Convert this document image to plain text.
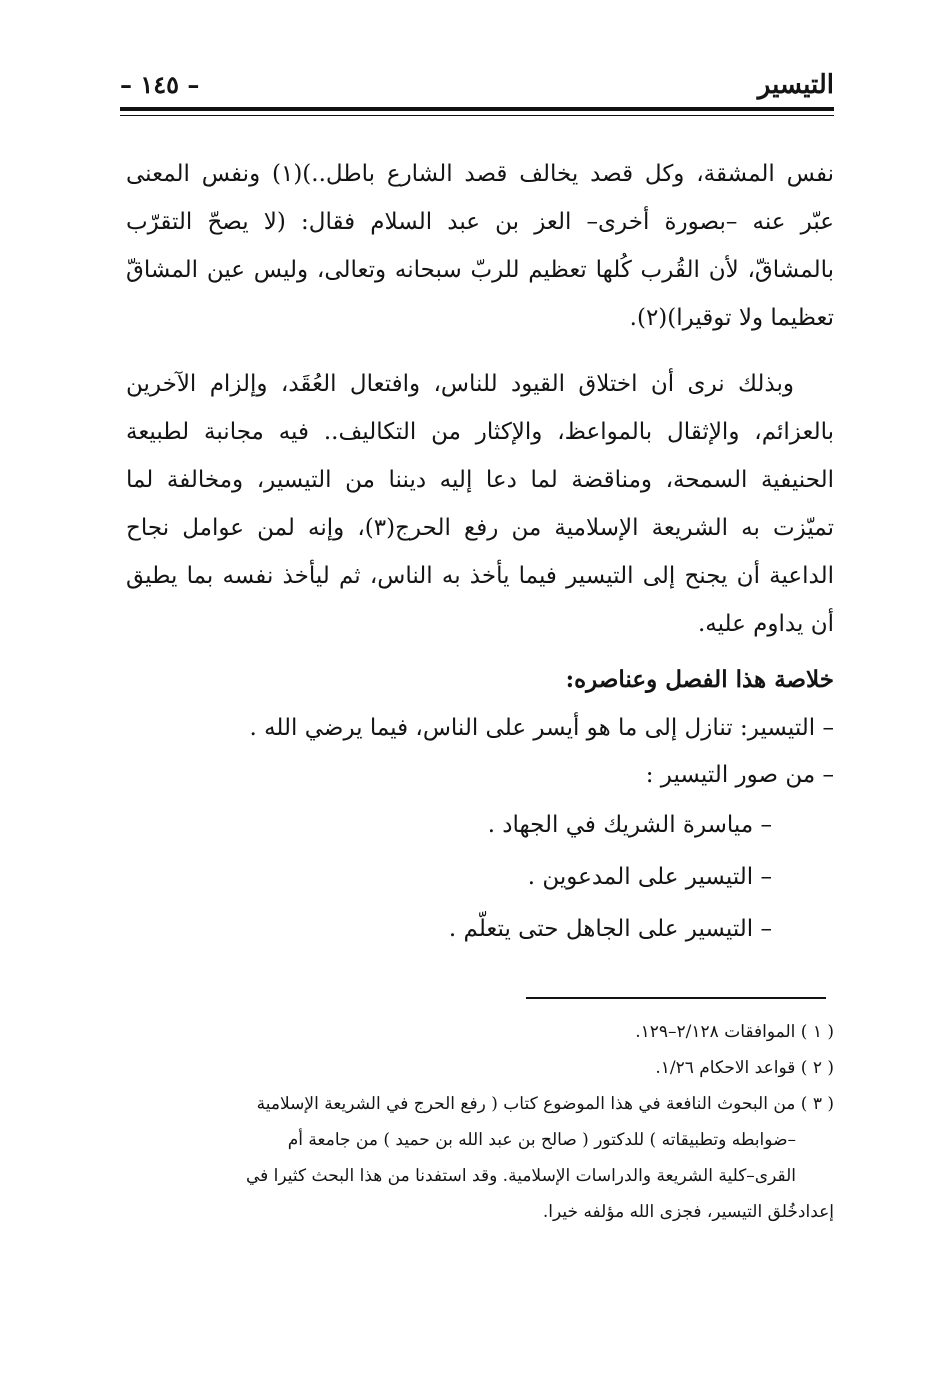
التيسير
– ١٤٥ –

نفس المشقة، وكل قصد يخالف قصد الشارع باطل..)(١) ونفس المعنى عبّر عنه –بصورة أخرى– العز بن عبد السلام فقال: (لا يصحّ التقرّب بالمشاقّ، لأن القُرب كُلها تعظيم للربّ سبحانه وتعالى، وليس عين المشاقّ تعظيما ولا توقيرا)(٢).

وبذلك نرى أن اختلاق القيود للناس، وافتعال العُقَد، وإلزام الآخرين بالعزائم، والإثقال بالمواعظ، والإكثار من التكاليف.. فيه مجانبة لطبيعة الحنيفية السمحة، ومناقضة لما دعا إليه ديننا من التيسير، ومخالفة لما تميّزت به الشريعة الإسلامية من رفع الحرج(٣)، وإنه لمن عوامل نجاح الداعية أن يجنح إلى التيسير فيما يأخذ به الناس، ثم ليأخذ نفسه بما يطيق أن يداوم عليه.

خلاصة هذا الفصل وعناصره:

– التيسير: تنازل إلى ما هو أيسر على الناس، فيما يرضي الله .

– من صور التيسير :

– مياسرة الشريك في الجهاد .

– التيسير على المدعوين .

– التيسير على الجاهل حتى يتعلّم .

( ١ ) الموافقات ٢/١٢٨–١٢٩.

( ٢ ) قواعد الاحكام ١/٢٦.

( ٣ ) من البحوث النافعة في هذا الموضوع كتاب ( رفع الحرج في الشريعة الإسلامية

–ضوابطه وتطبيقاته ) للدكتور ( صالح بن عبد الله بن حميد ) من جامعة أم

القرى–كلية الشريعة والدراسات الإسلامية. وقد استفدنا من هذا البحث كثيرا في

إعدادخُلق التيسير، فجزى الله مؤلفه خيرا.
